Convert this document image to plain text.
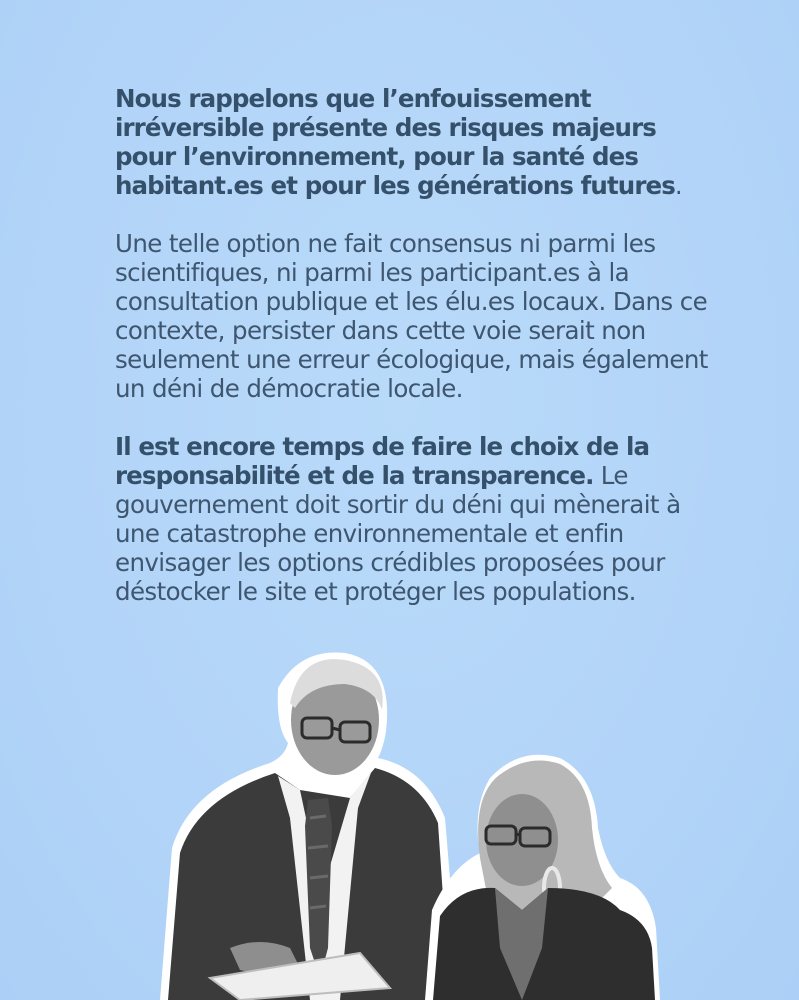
Nous rappelons que l’enfouissement irréversible présente des risques majeurs pour l’environnement, pour la santé des habitant.es et pour les générations futures.

Une telle option ne fait consensus ni parmi les scientifiques, ni parmi les participant.es à la consultation publique et les élu.es locaux. Dans ce contexte, persister dans cette voie serait non seulement une erreur écologique, mais également un déni de démocratie locale.

Il est encore temps de faire le choix de la responsabilité et de la transparence. Le gouvernement doit sortir du déni qui mènerait à une catastrophe environnementale et enfin envisager les options crédibles proposées pour déstocker le site et protéger les populations.
